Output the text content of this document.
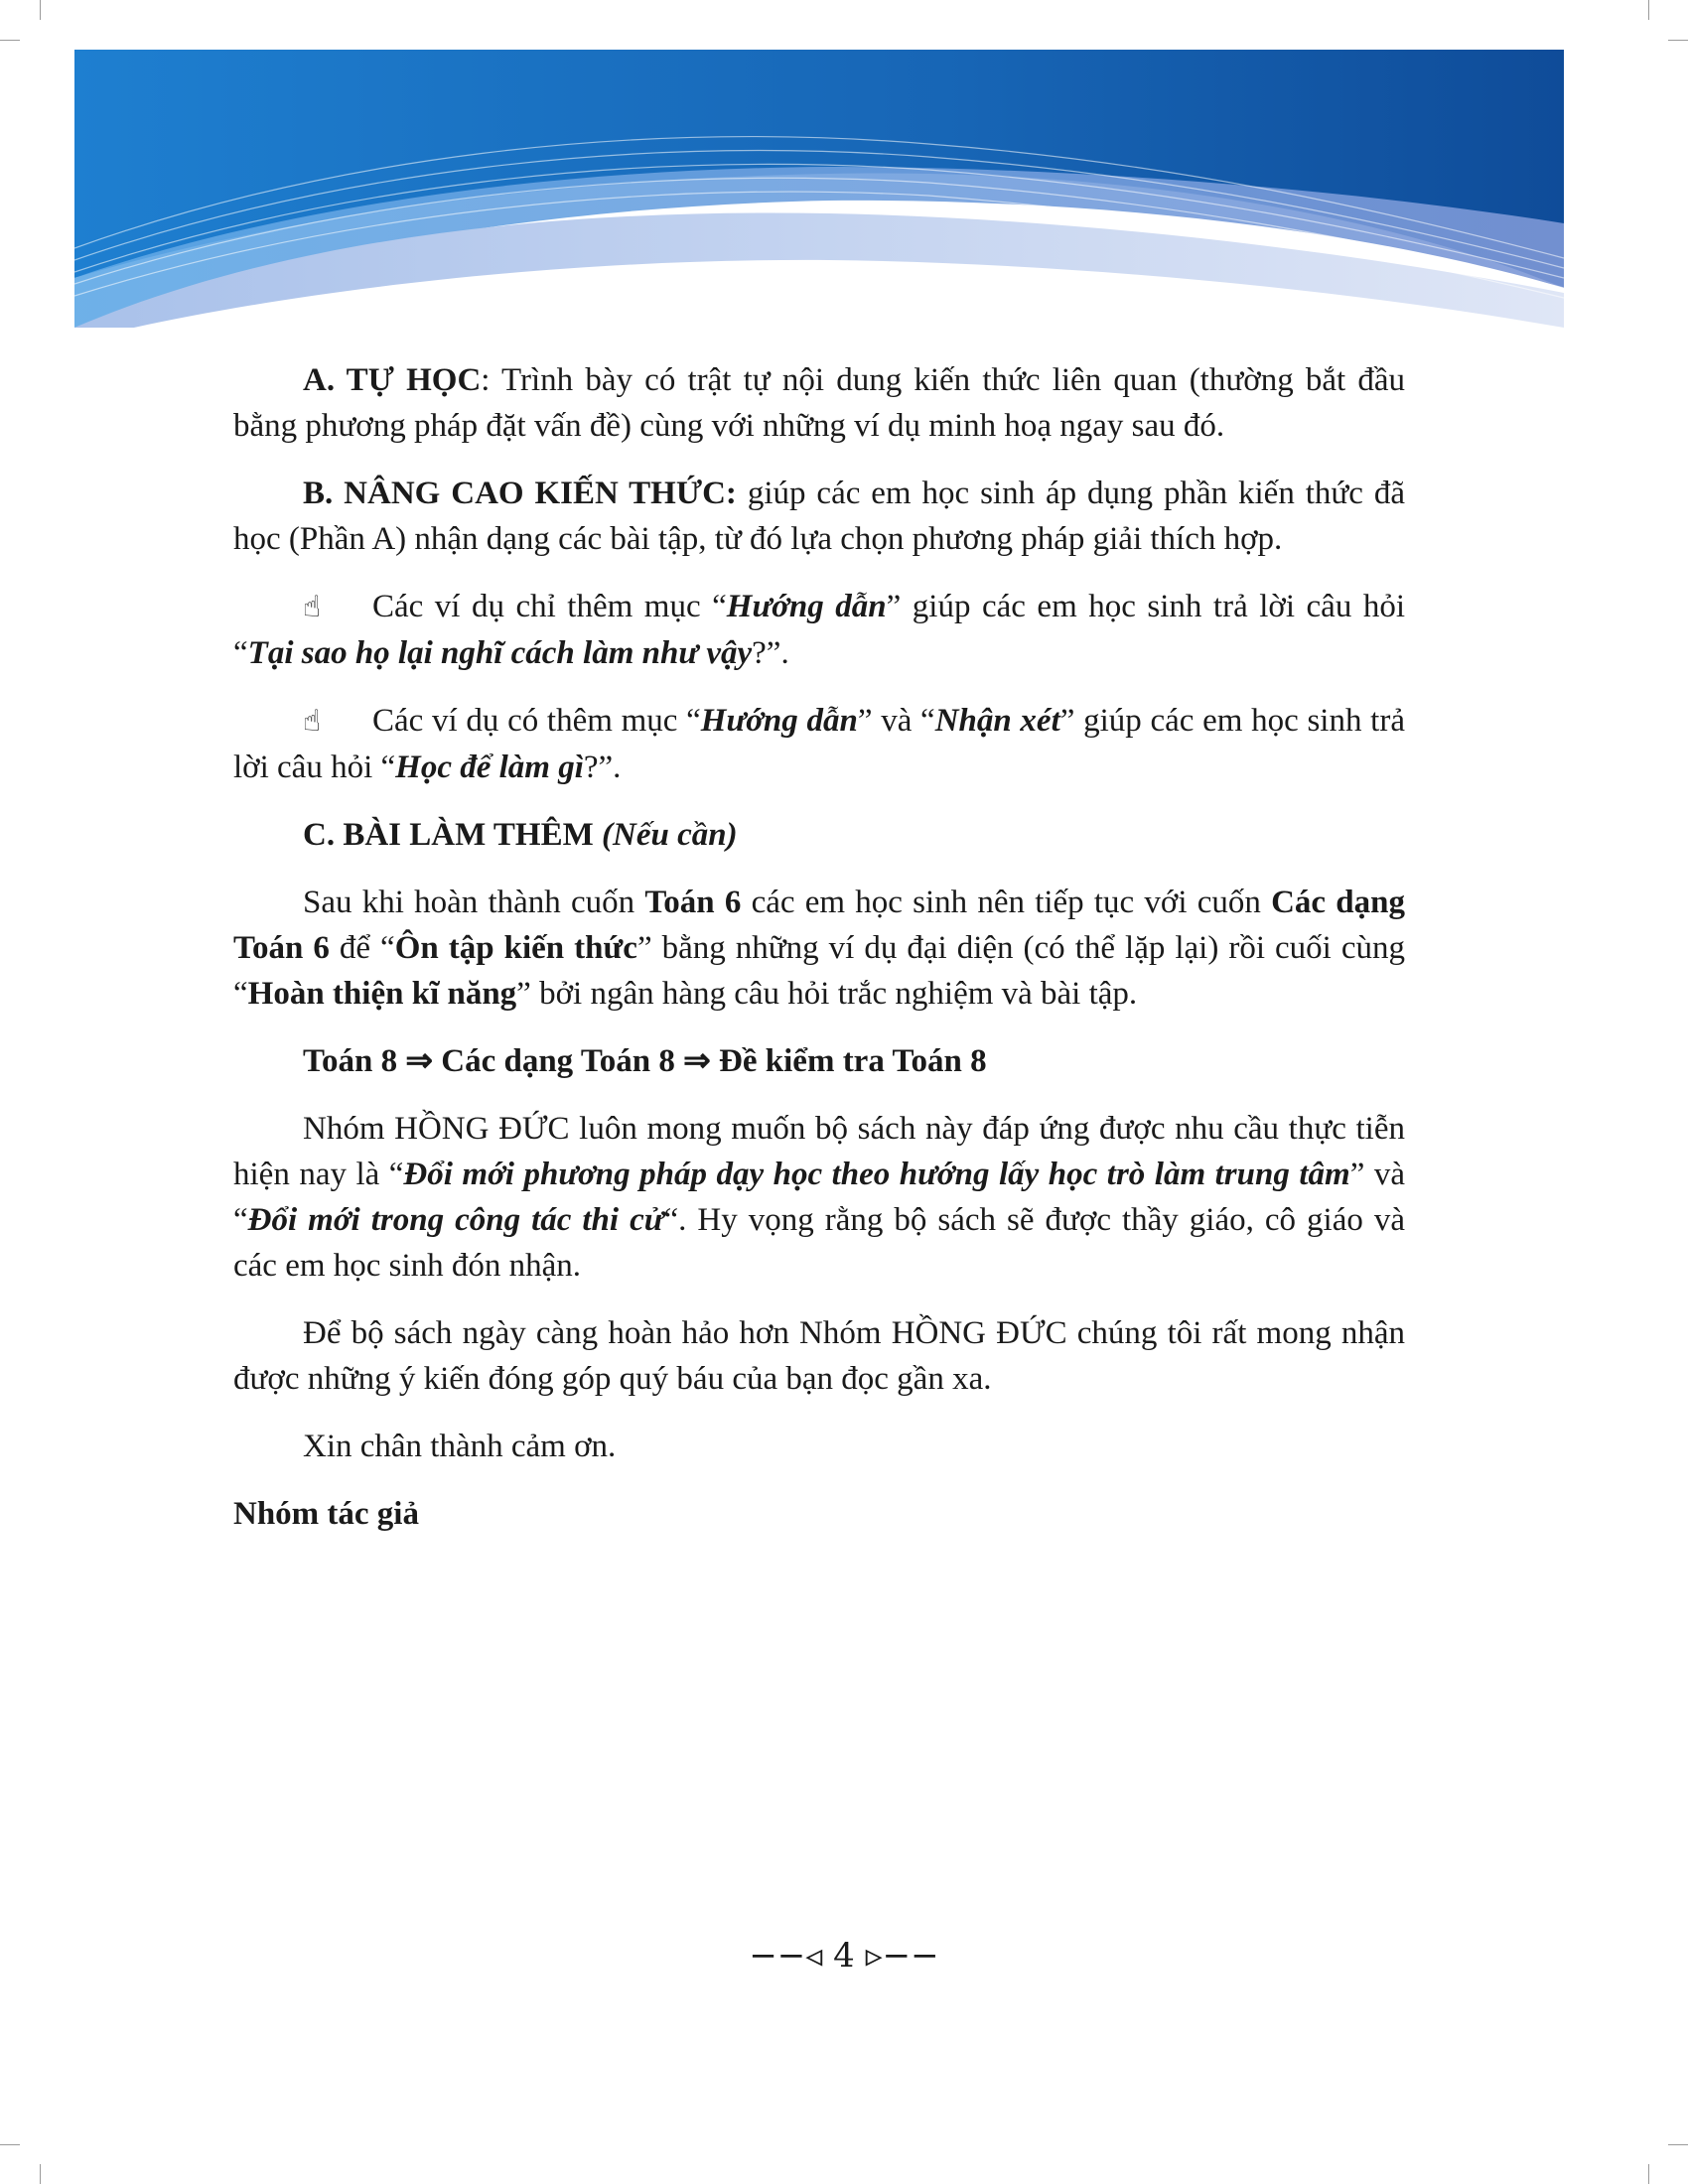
A. TỰ HỌC: Trình bày có trật tự nội dung kiến thức liên quan (thường bắt đầu bằng phương pháp đặt vấn đề) cùng với những ví dụ minh hoạ ngay sau đó.

B. NÂNG CAO KIẾN THỨC: giúp các em học sinh áp dụng phần kiến thức đã học (Phần A) nhận dạng các bài tập, từ đó lựa chọn phương pháp giải thích hợp.

☝ Các ví dụ chỉ thêm mục “Hướng dẫn” giúp các em học sinh trả lời câu hỏi “Tại sao họ lại nghĩ cách làm như vậy?”.

☝ Các ví dụ có thêm mục “Hướng dẫn” và “Nhận xét” giúp các em học sinh trả lời câu hỏi “Học để làm gì?”.

C. BÀI LÀM THÊM (Nếu cần)

Sau khi hoàn thành cuốn Toán 6 các em học sinh nên tiếp tục với cuốn Các dạng Toán 6 để “Ôn tập kiến thức” bằng những ví dụ đại diện (có thể lặp lại) rồi cuối cùng “Hoàn thiện kĩ năng” bởi ngân hàng câu hỏi trắc nghiệm và bài tập.

Toán 8 ⇒ Các dạng Toán 8 ⇒ Đề kiểm tra Toán 8

Nhóm HỒNG ĐỨC luôn mong muốn bộ sách này đáp ứng được nhu cầu thực tiễn hiện nay là “Đổi mới phương pháp dạy học theo hướng lấy học trò làm trung tâm” và “Đổi mới trong công tác thi cử“. Hy vọng rằng bộ sách sẽ được thầy giáo, cô giáo và các em học sinh đón nhận.

Để bộ sách ngày càng hoàn hảo hơn Nhóm HỒNG ĐỨC chúng tôi rất mong nhận được những ý kiến đóng góp quý báu của bạn đọc gần xa.

Xin chân thành cảm ơn.

Nhóm tác giả

−−◃ 4 ▹−−
